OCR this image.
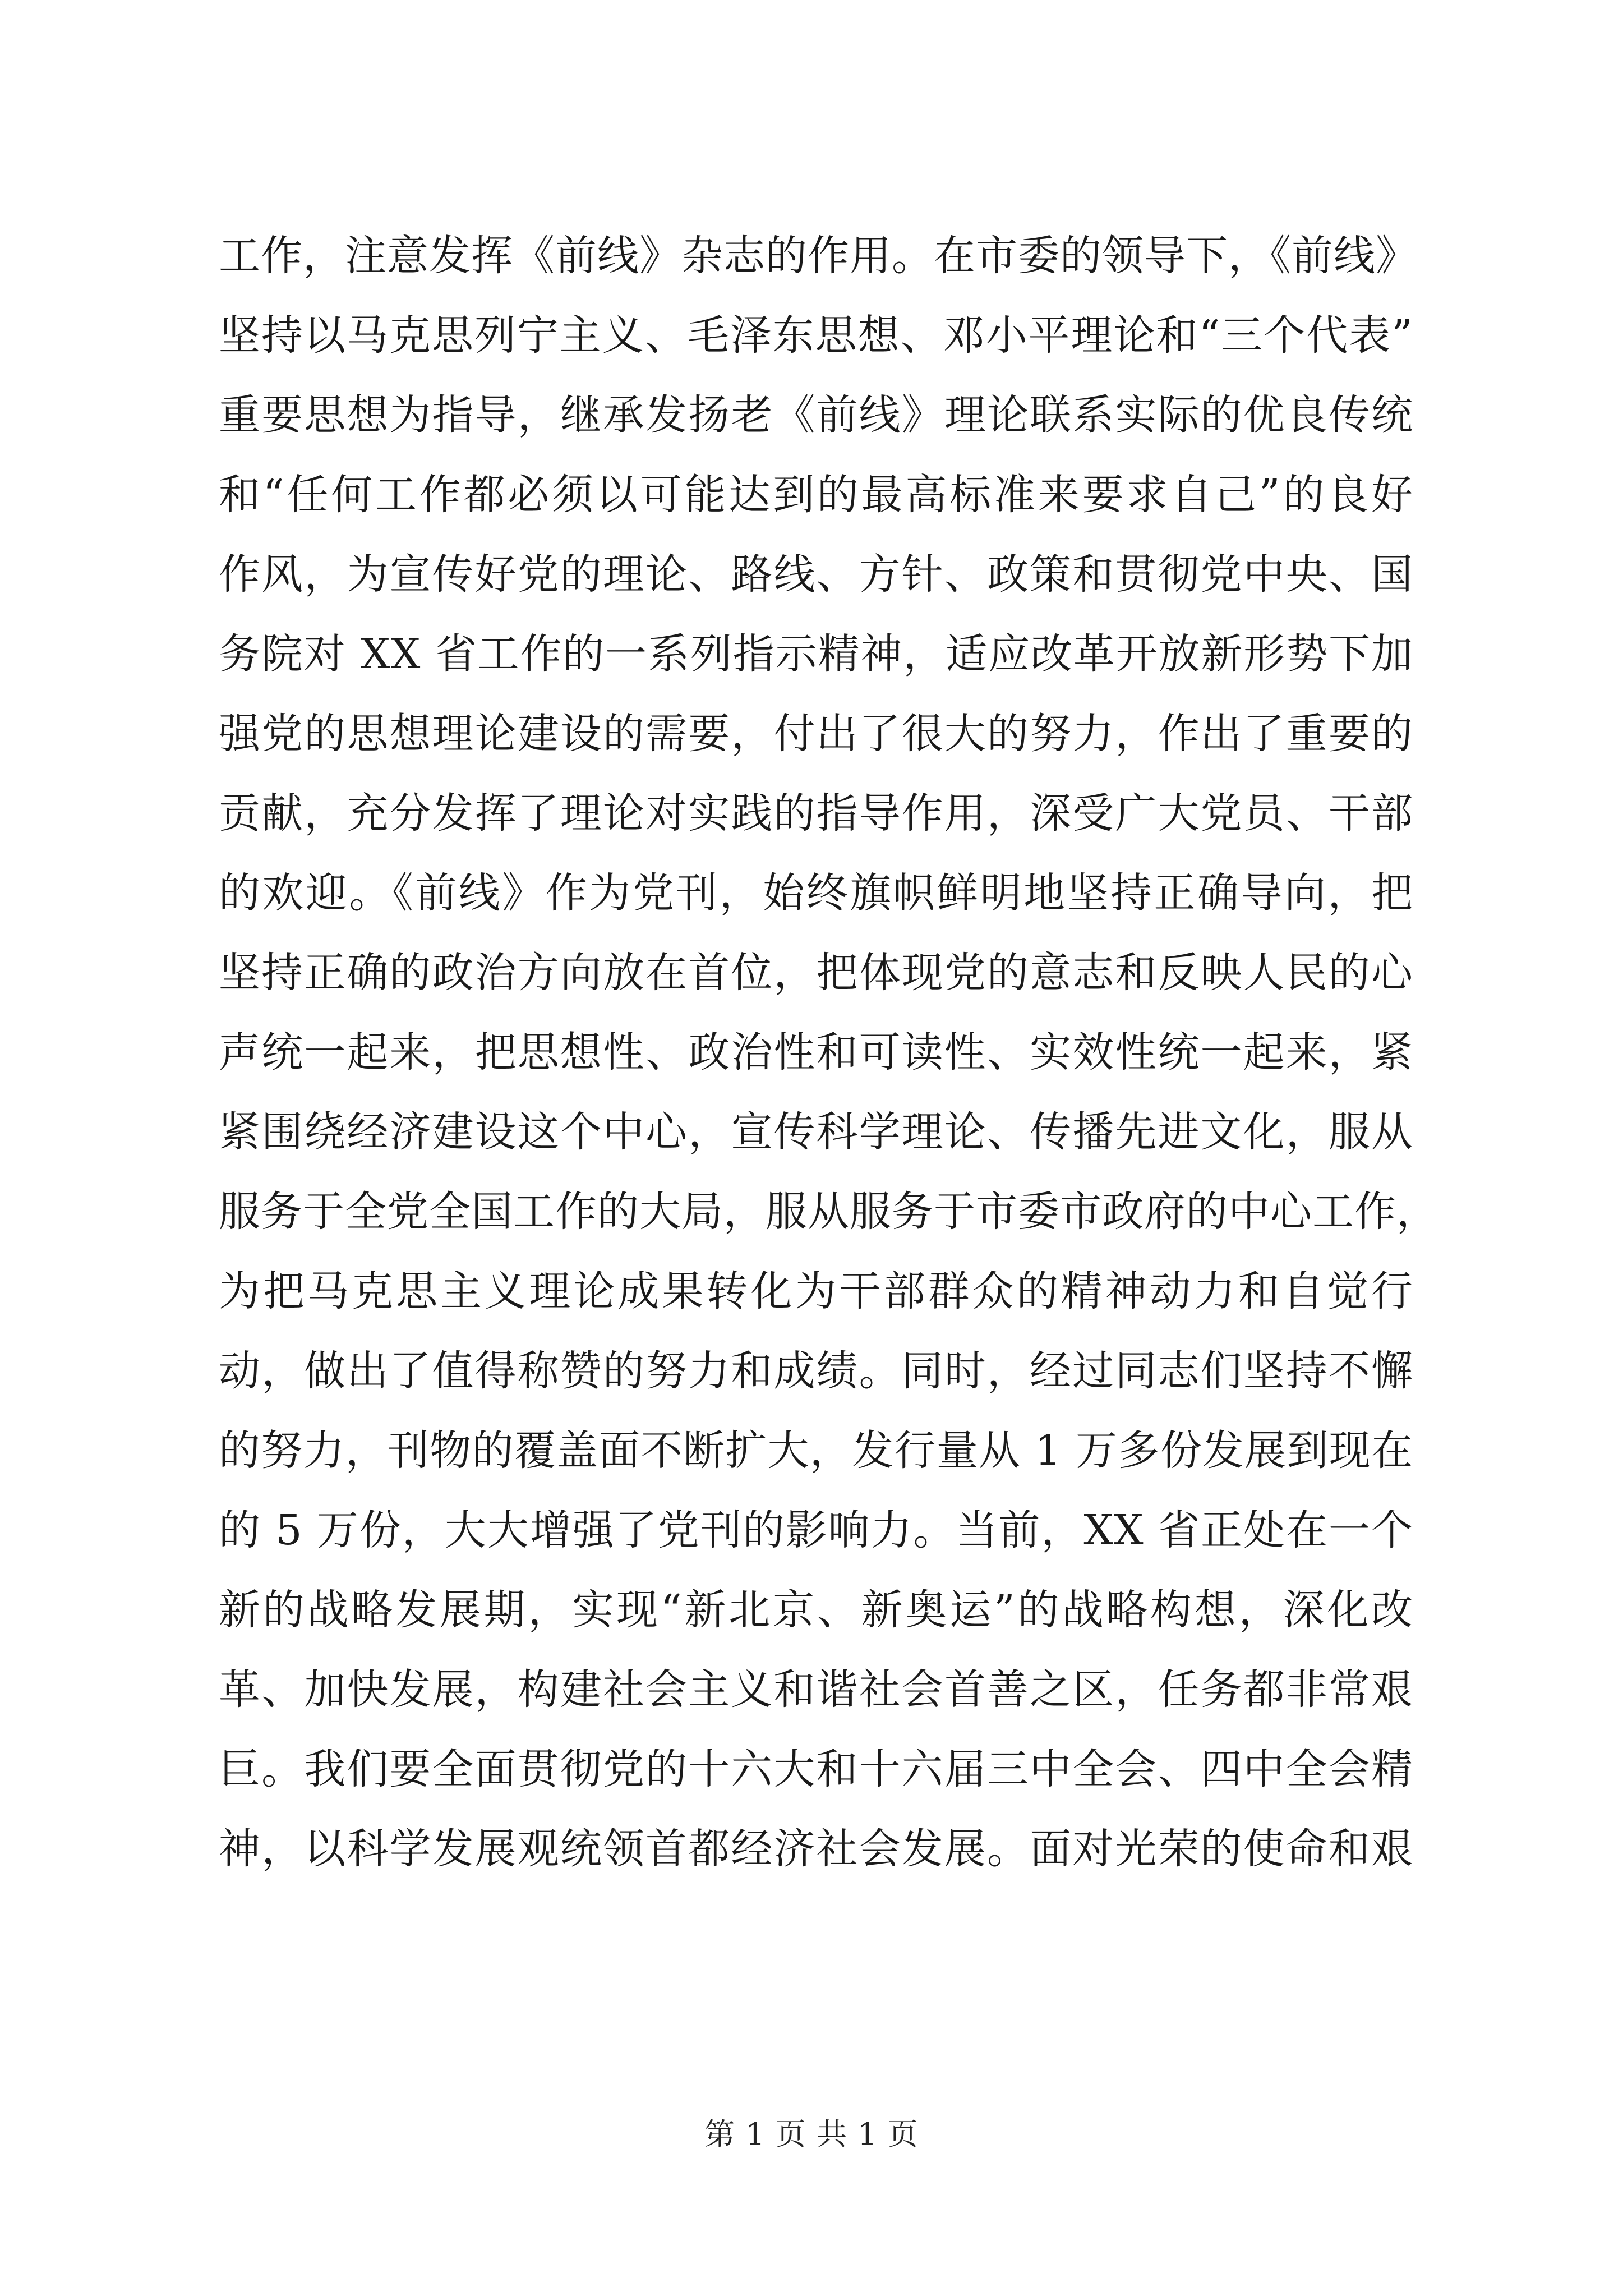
工作，注意发挥《前线》杂志的作用。在市委的领导下，《前线》
坚持以马克思列宁主义、毛泽东思想、邓小平理论和“三个代表”
重要思想为指导，继承发扬老《前线》理论联系实际的优良传统
和“任何工作都必须以可能达到的最高标准来要求自己”的良好
作风，为宣传好党的理论、路线、方针、政策和贯彻党中央、国
务院对 XX 省工作的一系列指示精神，适应改革开放新形势下加
强党的思想理论建设的需要，付出了很大的努力，作出了重要的
贡献，充分发挥了理论对实践的指导作用，深受广大党员、干部
的欢迎。《前线》作为党刊，始终旗帜鲜明地坚持正确导向，把
坚持正确的政治方向放在首位，把体现党的意志和反映人民的心
声统一起来，把思想性、政治性和可读性、实效性统一起来，紧
紧围绕经济建设这个中心，宣传科学理论、传播先进文化，服从
服务于全党全国工作的大局，服从服务于市委市政府的中心工作，
为把马克思主义理论成果转化为干部群众的精神动力和自觉行
动，做出了值得称赞的努力和成绩。同时，经过同志们坚持不懈
的努力，刊物的覆盖面不断扩大，发行量从 1 万多份发展到现在
的 5 万份，大大增强了党刊的影响力。当前，XX 省正处在一个
新的战略发展期，实现“新北京、新奥运”的战略构想，深化改
革、加快发展，构建社会主义和谐社会首善之区，任务都非常艰
巨。我们要全面贯彻党的十六大和十六届三中全会、四中全会精
神，以科学发展观统领首都经济社会发展。面对光荣的使命和艰
第 1 页 共 1 页
